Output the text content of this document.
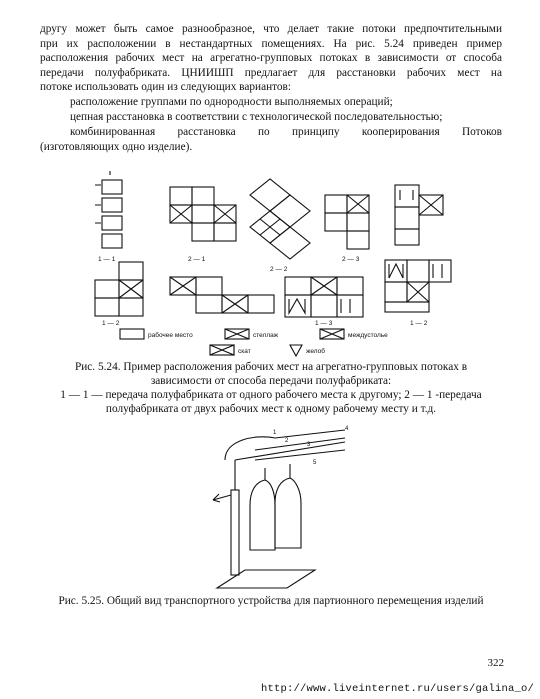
другу может быть самое разнообразное, что делает такие потоки предпочтительными
при их расположении в нестандартных помещениях. На рис. 5.24 приведен пример
расположения рабочих мест на агрегатно-групповых потоках в зависимости от способа
передачи полуфабриката. ЦНИИШП предлагает для расстановки рабочих мест на
потоке использовать один из следующих вариантов:

расположение группами по однородности выполняемых операций;
цепная расстановка в соответствии с технологической последовательностью;
комбинированная расстановка по принципу кооперирования Потоков
(изготовляющих одно изделие).
1 — 1	2 — 1
2 — 2
2 — 3
1 — 2	1 — 3	1 — 2
рабочее место	стеллаж	междустолье
скат	желоб
Рис. 5.24. Пример расположения рабочих мест на агрегатно-групповых потоках в
зависимости от способа передачи полуфабриката:
1 — 1 — передача полуфабриката от одного рабочего места к другому; 2 — 1 -передача
полуфабриката от двух рабочих мест к одному рабочему месту и т.д.
1
2
3
4
5
Рис. 5.25. Общий вид транспортного устройства для партионного перемещения изделий
322
http://www.liveinternet.ru/users/galina_o/
